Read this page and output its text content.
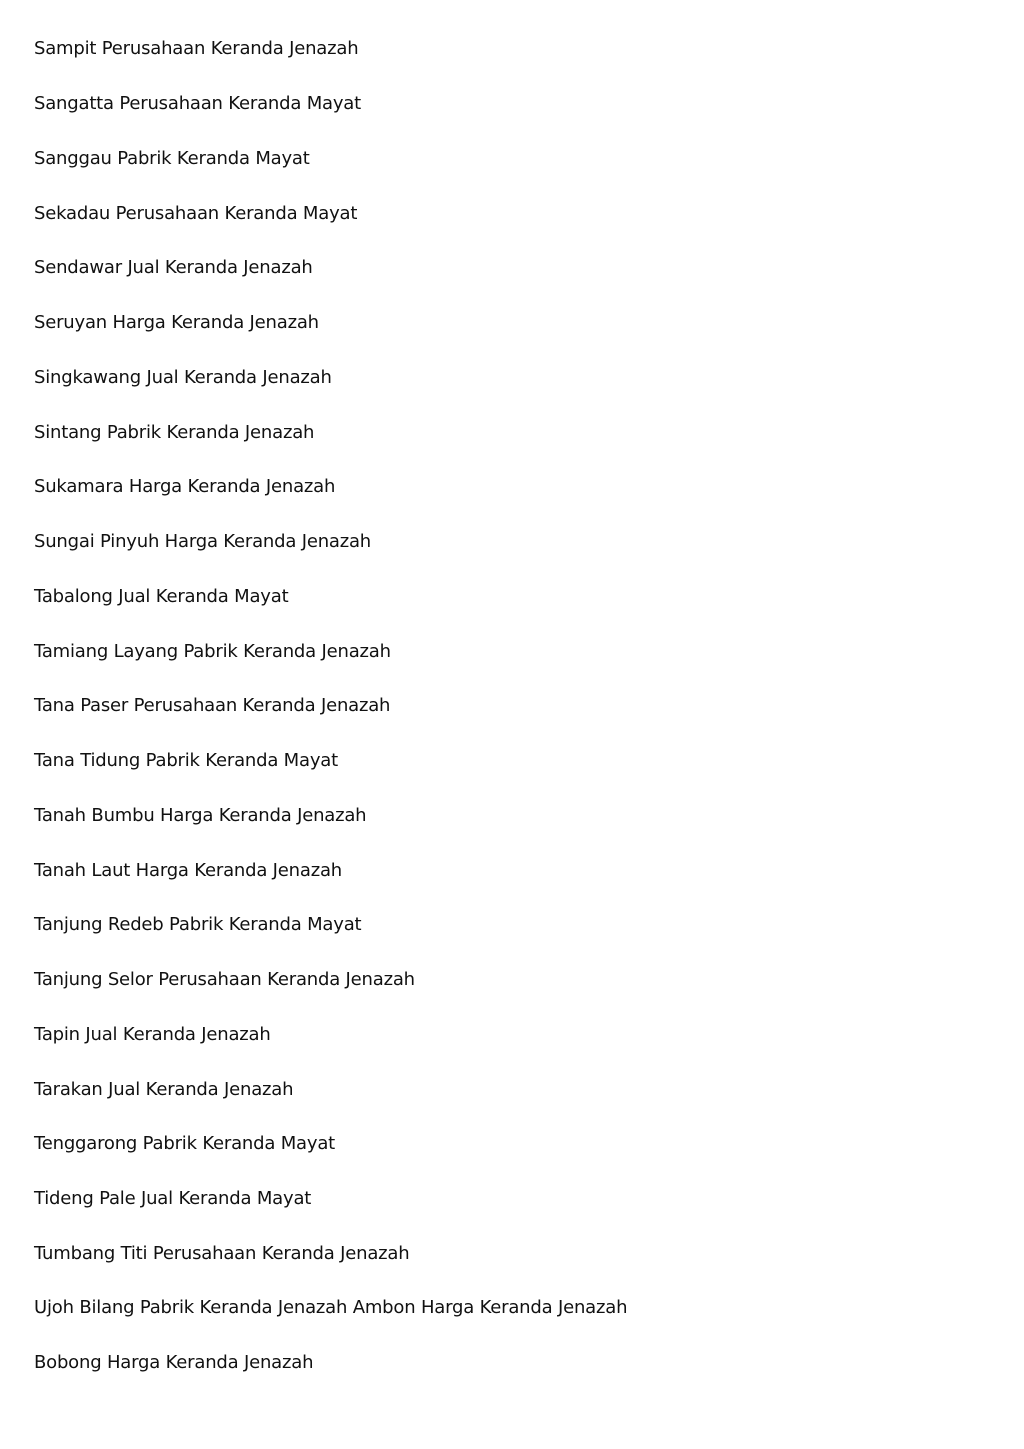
Sampit Perusahaan Keranda Jenazah
Sangatta Perusahaan Keranda Mayat
Sanggau Pabrik Keranda Mayat
Sekadau Perusahaan Keranda Mayat
Sendawar Jual Keranda Jenazah
Seruyan Harga Keranda Jenazah
Singkawang Jual Keranda Jenazah
Sintang Pabrik Keranda Jenazah
Sukamara Harga Keranda Jenazah
Sungai Pinyuh Harga Keranda Jenazah
Tabalong Jual Keranda Mayat
Tamiang Layang Pabrik Keranda Jenazah
Tana Paser Perusahaan Keranda Jenazah
Tana Tidung Pabrik Keranda Mayat
Tanah Bumbu Harga Keranda Jenazah
Tanah Laut Harga Keranda Jenazah
Tanjung Redeb Pabrik Keranda Mayat
Tanjung Selor Perusahaan Keranda Jenazah
Tapin Jual Keranda Jenazah
Tarakan Jual Keranda Jenazah
Tenggarong Pabrik Keranda Mayat
Tideng Pale Jual Keranda Mayat
Tumbang Titi Perusahaan Keranda Jenazah
Ujoh Bilang Pabrik Keranda Jenazah Ambon Harga Keranda Jenazah
Bobong Harga Keranda Jenazah
